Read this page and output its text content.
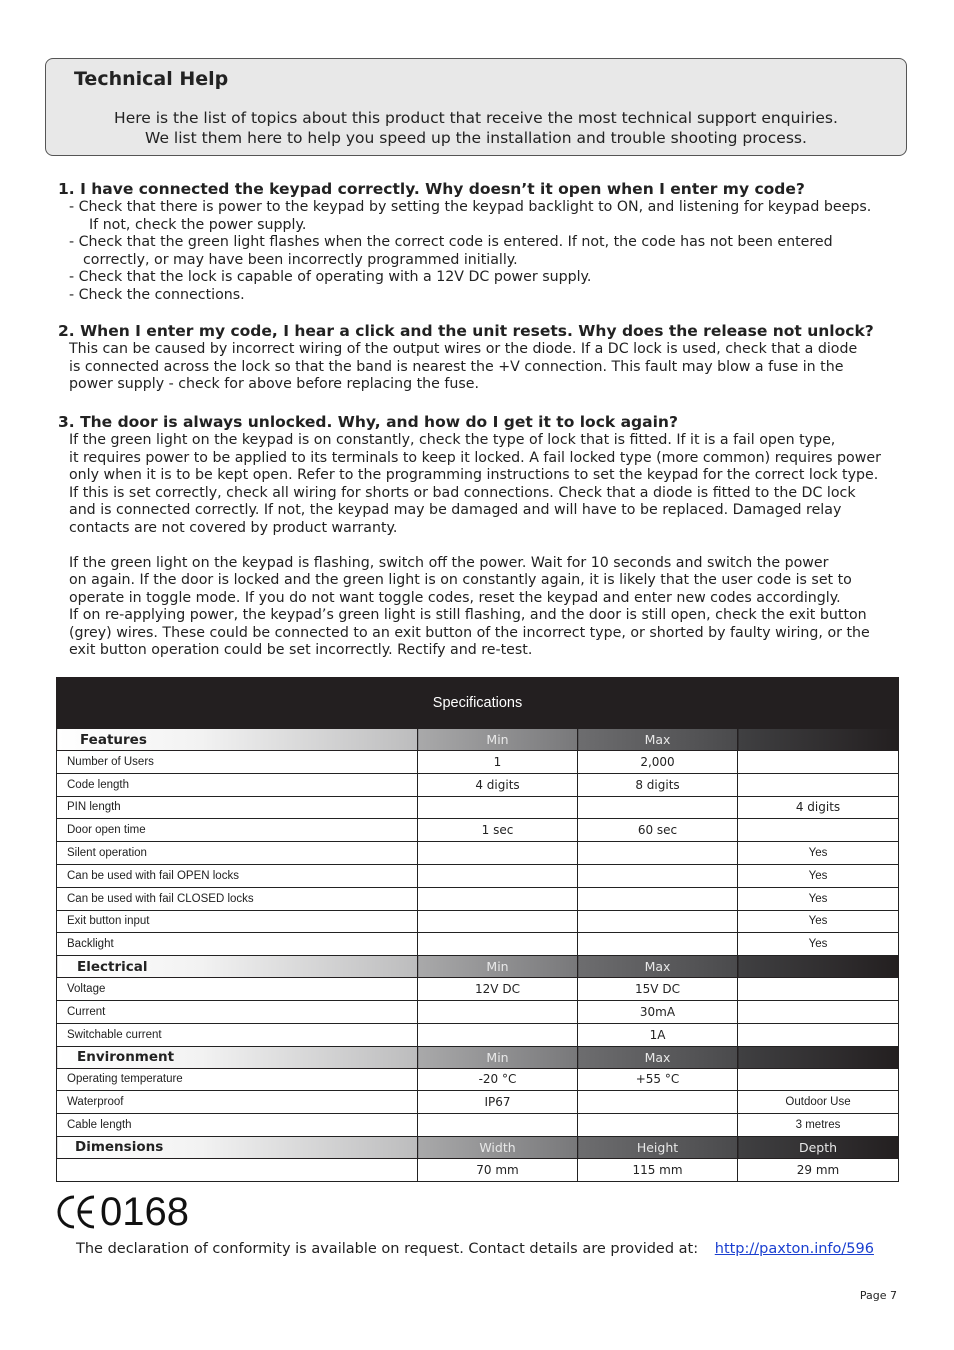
Technical Help
Here is the list of topics about this product that receive the most technical support enquiries.
We list them here to help you speed up the installation and trouble shooting process.
1. I have connected the keypad correctly. Why doesn’t it open when I enter my code?
- Check that there is power to the keypad by setting the keypad backlight to ON, and listening for keypad beeps.
If not, check the power supply.
- Check that the green light flashes when the correct code is entered. If not, the code has not been entered
correctly, or may have been incorrectly programmed initially.
- Check that the lock is capable of operating with a 12V DC power supply.
- Check the connections.
2. When I enter my code, I hear a click and the unit resets. Why does the release not unlock?
This can be caused by incorrect wiring of the output wires or the diode. If a DC lock is used, check that a diode
is connected across the lock so that the band is nearest the +V connection. This fault may blow a fuse in the
power supply - check for above before replacing the fuse.
3. The door is always unlocked. Why, and how do I get it to lock again?
If the green light on the keypad is on constantly, check the type of lock that is fitted. If it is a fail open type,
it requires power to be applied to its terminals to keep it locked. A fail locked type (more common) requires power
only when it is to be kept open. Refer to the programming instructions to set the keypad for the correct lock type.
If this is set correctly, check all wiring for shorts or bad connections. Check that a diode is fitted to the DC lock
and is connected correctly. If not, the keypad may be damaged and will have to be replaced. Damaged relay
contacts are not covered by product warranty.
If the green light on the keypad is flashing, switch off the power. Wait for 10 seconds and switch the power
on again. If the door is locked and the green light is on constantly again, it is likely that the user code is set to
operate in toggle mode. If you do not want toggle codes, reset the keypad and enter new codes accordingly.
If on re-applying power, the keypad’s green light is still flashing, and the door is still open, check the exit button
(grey) wires. These could be connected to an exit button of the incorrect type, or shorted by faulty wiring, or the
exit button operation could be set incorrectly. Rectify and re-test.
Specifications			
Features	Min	Max	
Number of Users	1	2,000	
Code length	4 digits	8 digits	
PIN length			4 digits
Door open time	1 sec	60 sec	
Silent operation			Yes
Can be used with fail OPEN locks			Yes
Can be used with fail CLOSED locks			Yes
Exit button input			Yes
Backlight			Yes
Electrical	Min	Max	
Voltage	12V DC	15V DC	
Current		30mA	
Switchable current		1A	
Environment	Min	Max	
Operating temperature	-20 °C	+55 °C	
Waterproof	IP67		Outdoor Use
Cable length			3 metres
Dimensions	Width	Height	Depth
	70 mm	115 mm	29 mm
0168
The declaration of conformity is available on request. Contact details are provided at: http://paxton.info/596
Page 7
